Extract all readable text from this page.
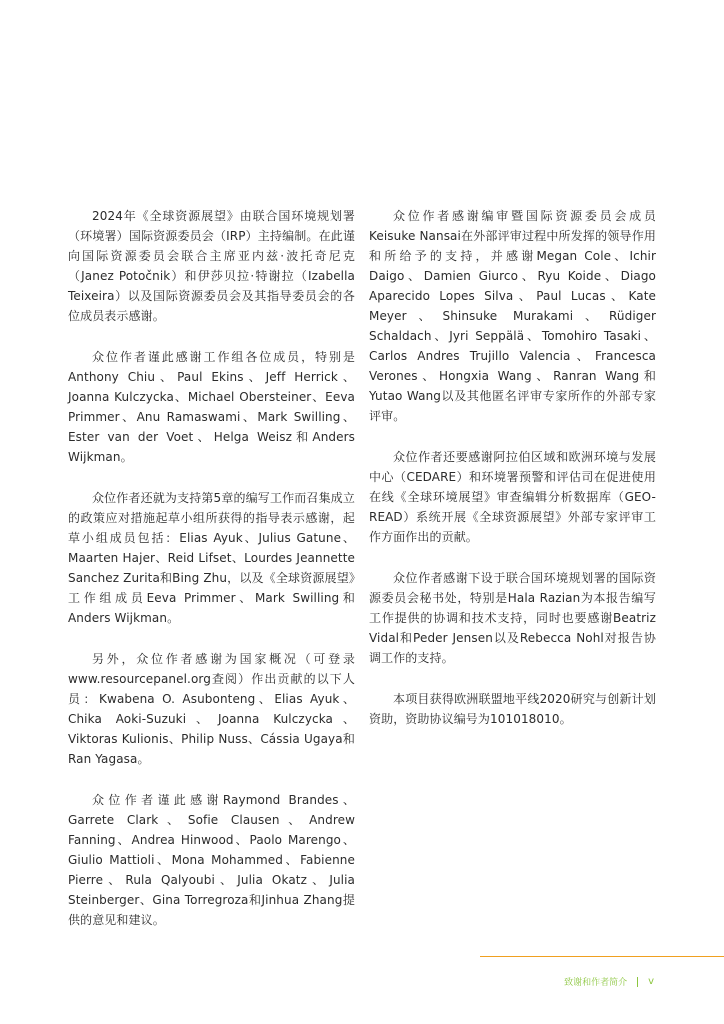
2024年《全球资源展望》由联合国环境规划署（环境署）国际资源委员会（IRP）主持编制。在此谨向国际资源委员会联合主席亚内兹·波托奇尼克（Janez Potočnik）和伊莎贝拉·特谢拉（Izabella Teixeira）以及国际资源委员会及其指导委员会的各位成员表示感谢。

众位作者谨此感谢工作组各位成员，特别是Anthony Chiu、Paul Ekins、Jeff Herrick、Joanna Kulczycka、Michael Obersteiner、Eeva Primmer、Anu Ramaswami、Mark Swilling、Ester van der Voet、Helga Weisz和Anders Wijkman。

众位作者还就为支持第5章的编写工作而召集成立的政策应对措施起草小组所获得的指导表示感谢，起草小组成员包括：Elias Ayuk、Julius Gatune、Maarten Hajer、Reid Lifset、Lourdes Jeannette Sanchez Zurita和Bing Zhu，以及《全球资源展望》工作组成员Eeva Primmer、Mark Swilling和Anders Wijkman。

另外，众位作者感谢为国家概况（可登录www.resourcepanel.org查阅）作出贡献的以下人员：Kwabena O. Asubonteng、Elias Ayuk、Chika Aoki-Suzuki、Joanna Kulczycka、Viktoras Kulionis、Philip Nuss、Cássia Ugaya和Ran Yagasa。

众位作者谨此感谢Raymond Brandes、Garrete Clark、Sofie Clausen、Andrew Fanning、Andrea Hinwood、Paolo Marengo、Giulio Mattioli、Mona Mohammed、Fabienne Pierre、Rula Qalyoubi、Julia Okatz、Julia Steinberger、Gina Torregroza和Jinhua Zhang提供的意见和建议。

众位作者感谢编审暨国际资源委员会成员Keisuke Nansai在外部评审过程中所发挥的领导作用和所给予的支持，并感谢Megan Cole、Ichir Daigo、Damien Giurco、Ryu Koide、Diago Aparecido Lopes Silva、Paul Lucas、Kate Meyer、Shinsuke Murakami、Rüdiger Schaldach、Jyri Seppälä、Tomohiro Tasaki、Carlos Andres Trujillo Valencia、Francesca Verones、Hongxia Wang、Ranran Wang和Yutao Wang以及其他匿名评审专家所作的外部专家评审。

众位作者还要感谢阿拉伯区域和欧洲环境与发展中心（CEDARE）和环境署预警和评估司在促进使用在线《全球环境展望》审查编辑分析数据库（GEO-READ）系统开展《全球资源展望》外部专家评审工作方面作出的贡献。

众位作者感谢下设于联合国环境规划署的国际资源委员会秘书处，特别是Hala Razian为本报告编写工作提供的协调和技术支持，同时也要感谢Beatriz Vidal和Peder Jensen以及Rebecca Nohl对报告协调工作的支持。

本项目获得欧洲联盟地平线2020研究与创新计划资助，资助协议编号为101018010。

致谢和作者简介 v
